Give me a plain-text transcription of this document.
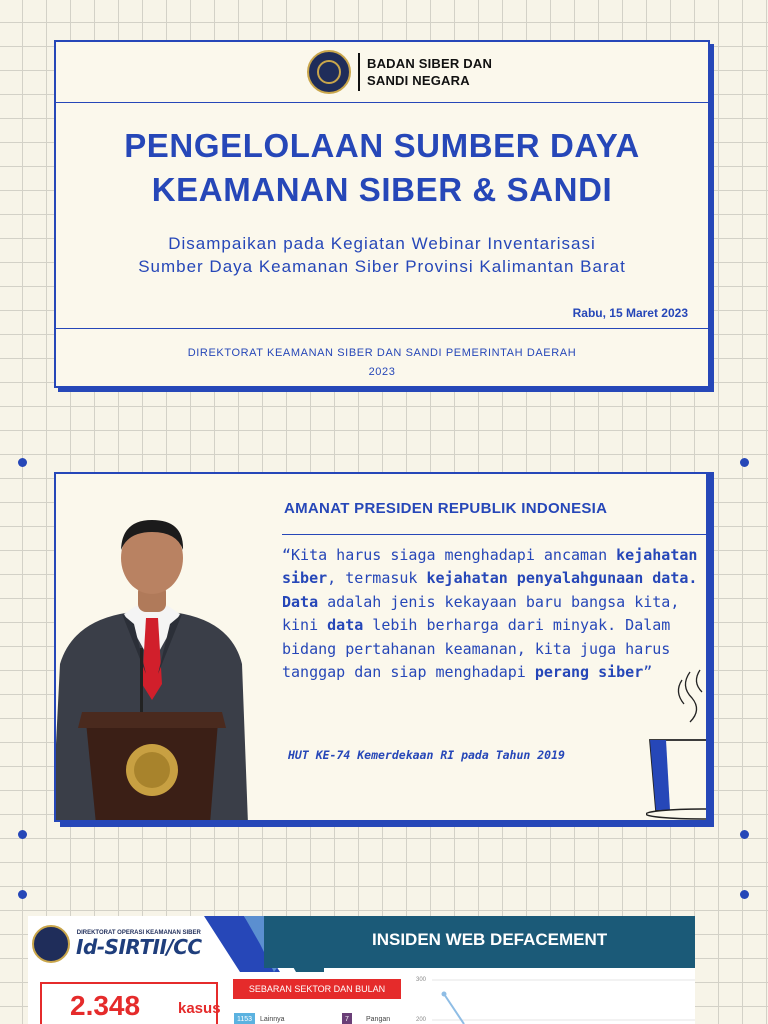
BADAN SIBER DAN
SANDI NEGARA
PENGELOLAAN SUMBER DAYA
KEAMANAN SIBER & SANDI
Disampaikan pada Kegiatan Webinar Inventarisasi
Sumber Daya Keamanan Siber Provinsi Kalimantan Barat
Rabu, 15 Maret 2023
DIREKTORAT KEAMANAN SIBER DAN SANDI PEMERINTAH DAERAH
2023
AMANAT PRESIDEN REPUBLIK INDONESIA

“Kita harus siaga menghadapi ancaman kejahatan siber, termasuk kejahatan penyalahgunaan data. Data adalah jenis kekayaan baru bangsa kita, kini data lebih berharga dari minyak. Dalam bidang pertahanan keamanan, kita juga harus tanggap dan siap menghadapi perang siber”

HUT KE-74 Kemerdekaan RI pada Tahun 2019
DIREKTORAT OPERASI KEAMANAN SIBER
Id-SIRTII/CC	INSIDEN WEB DEFACEMENT
2.348	kasus
SEBARAN SEKTOR DAN BULAN
1153	Lainnya	7	Pangan
300
200
